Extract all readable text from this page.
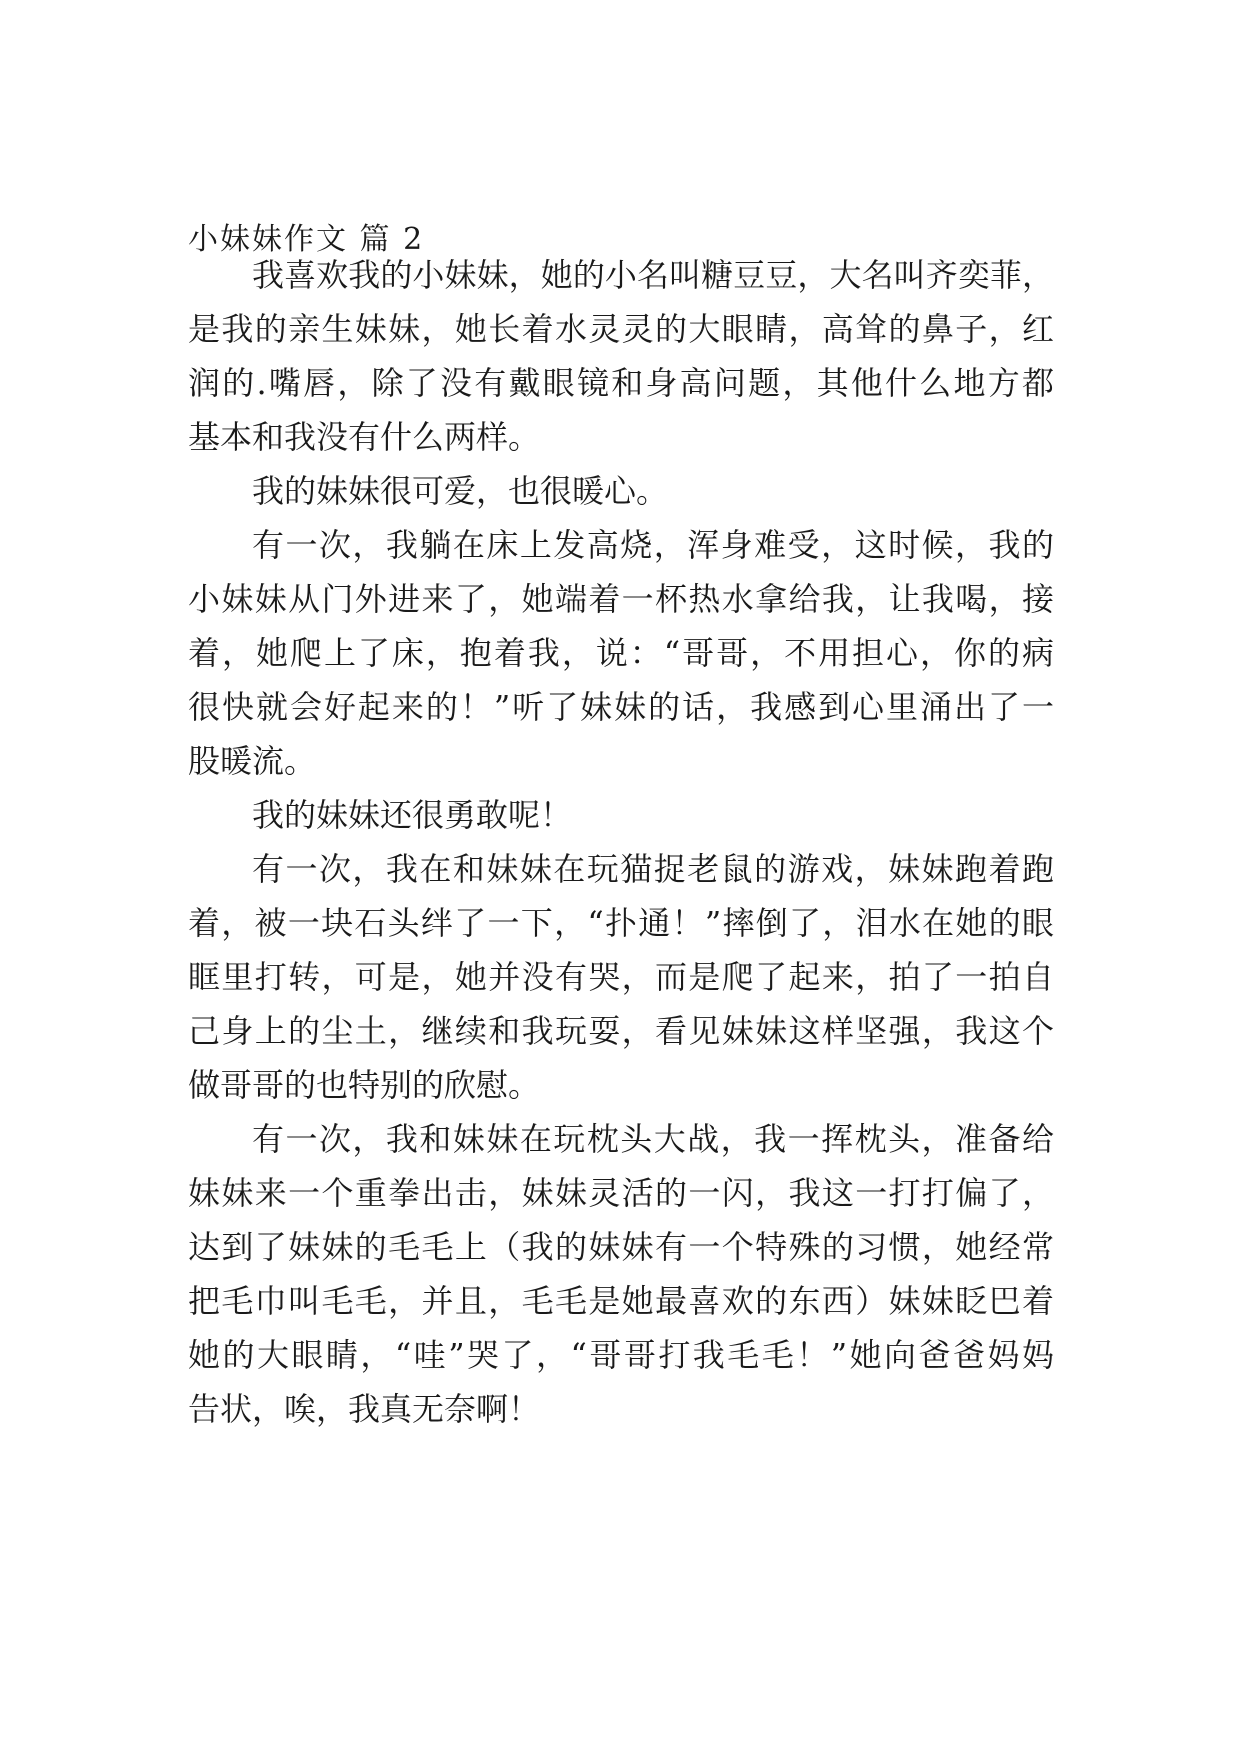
小妹妹作文 篇 2
我喜欢我的小妹妹，她的小名叫糖豆豆，大名叫齐奕菲，
是我的亲生妹妹，她长着水灵灵的大眼睛，高耸的鼻子，红
润的.嘴唇，除了没有戴眼镜和身高问题，其他什么地方都
基本和我没有什么两样。
我的妹妹很可爱，也很暖心。
有一次，我躺在床上发高烧，浑身难受，这时候，我的
小妹妹从门外进来了，她端着一杯热水拿给我，让我喝，接
着，她爬上了床，抱着我，说：“哥哥，不用担心，你的病
很快就会好起来的！”听了妹妹的话，我感到心里涌出了一
股暖流。
我的妹妹还很勇敢呢！
有一次，我在和妹妹在玩猫捉老鼠的游戏，妹妹跑着跑
着，被一块石头绊了一下，“扑通！”摔倒了，泪水在她的眼
眶里打转，可是，她并没有哭，而是爬了起来，拍了一拍自
己身上的尘土，继续和我玩耍，看见妹妹这样坚强，我这个
做哥哥的也特别的欣慰。
有一次，我和妹妹在玩枕头大战，我一挥枕头，准备给
妹妹来一个重拳出击，妹妹灵活的一闪，我这一打打偏了，
达到了妹妹的毛毛上（我的妹妹有一个特殊的习惯，她经常
把毛巾叫毛毛，并且，毛毛是她最喜欢的东西）妹妹眨巴着
她的大眼睛，“哇”哭了，“哥哥打我毛毛！”她向爸爸妈妈
告状，唉，我真无奈啊！
